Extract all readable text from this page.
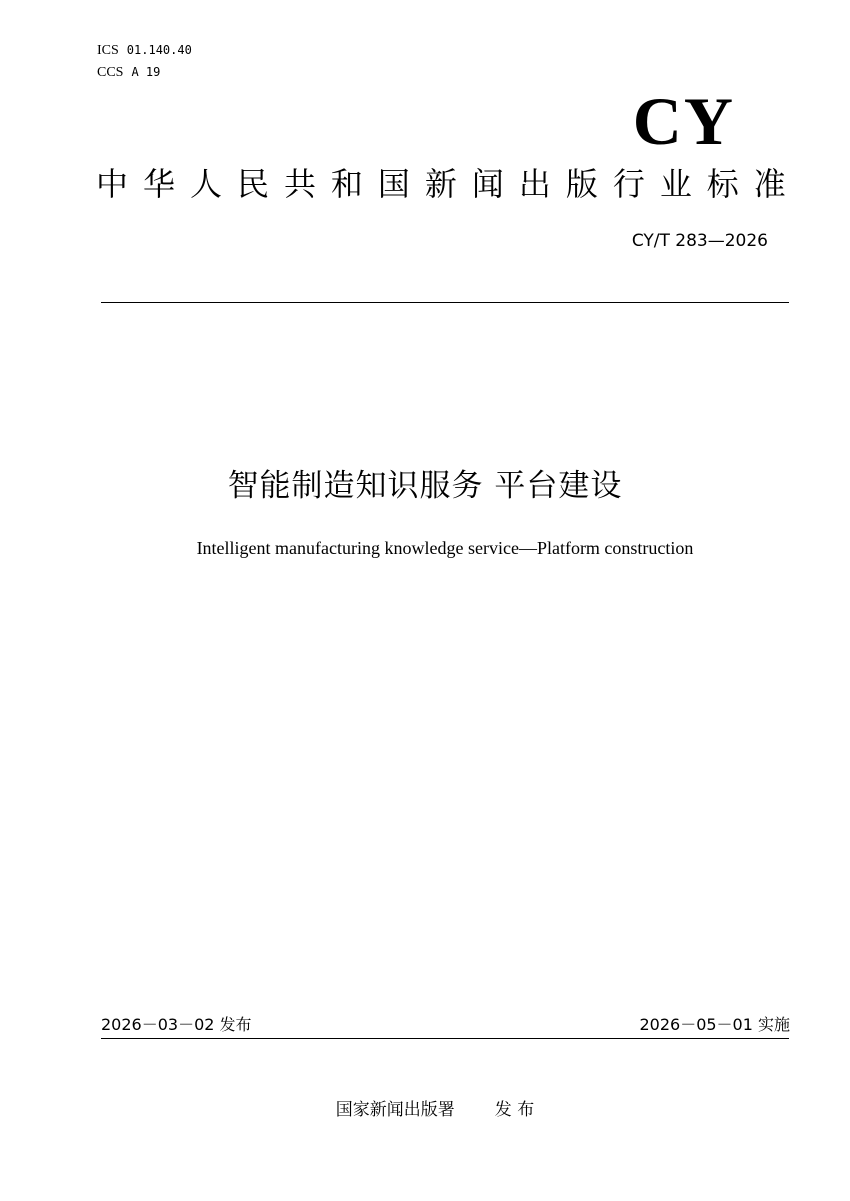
ICS 01.140.40
CCS A 19
CY
中 华 人 民 共 和 国 新 闻 出 版 行 业 标 准
CY/T 283—2026
智能制造知识服务 平台建设
Intelligent manufacturing knowledge service—Platform construction
2026－03－02 发布	2026－05－01 实施
国家新闻出版署 发 布
